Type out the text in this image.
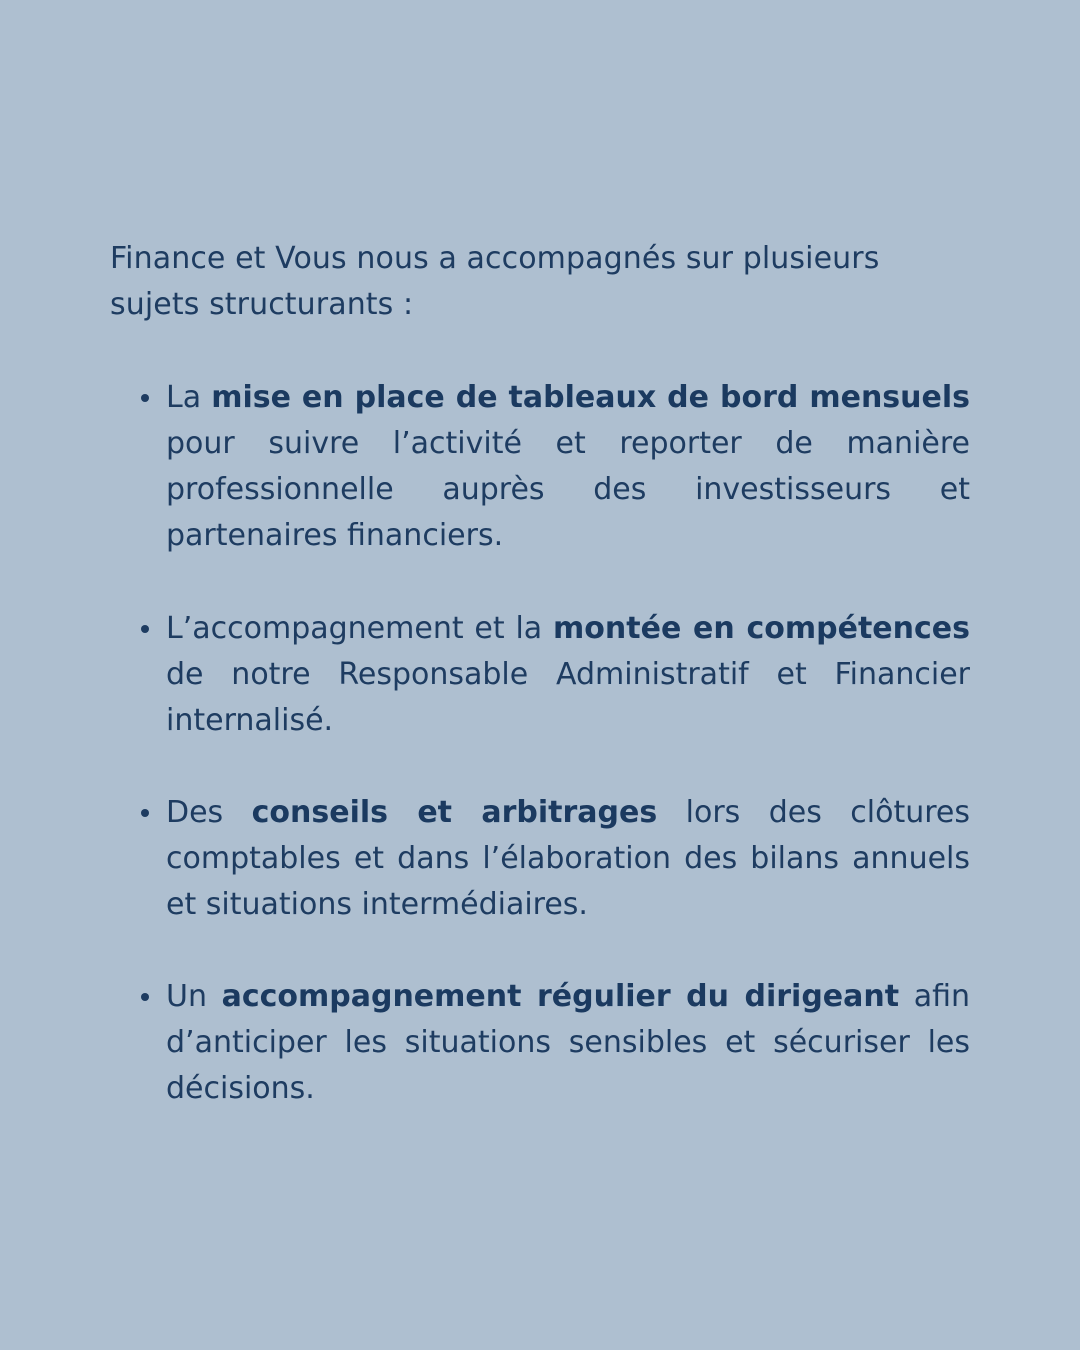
Finance et Vous nous a accompagnés sur plusieurs sujets structurants :

La mise en place de tableaux de bord mensuels pour suivre l’activité et reporter de manière professionnelle auprès des investisseurs et partenaires financiers.
L’accompagnement et la montée en compétences de notre Responsable Administratif et Financier internalisé.
Des conseils et arbitrages lors des clôtures comptables et dans l’élaboration des bilans annuels et situations intermédiaires.
Un accompagnement régulier du dirigeant afin d’anticiper les situations sensibles et sécuriser les décisions.
